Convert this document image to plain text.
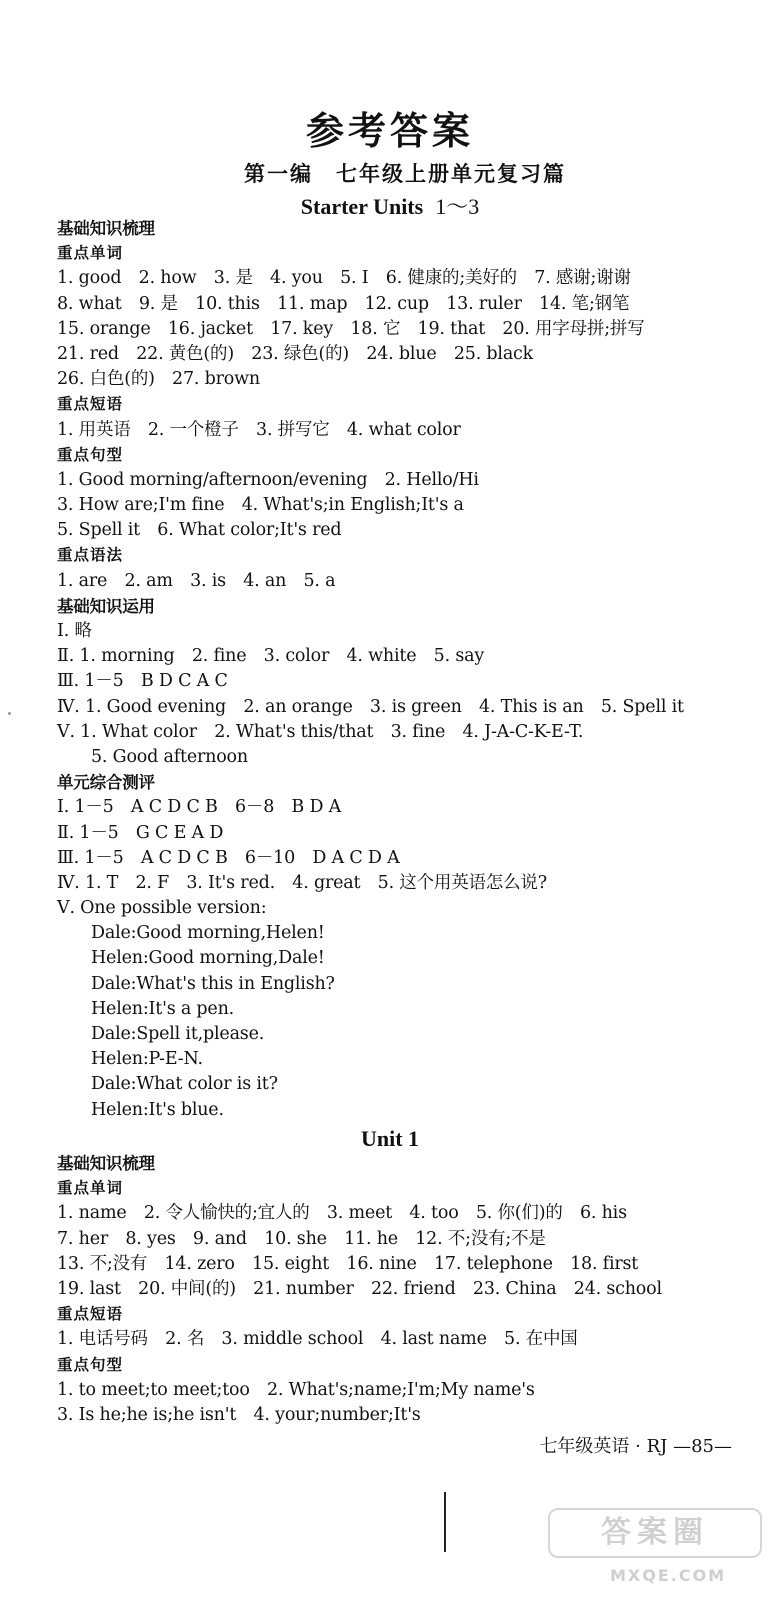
参考答案
第一编　七年级上册单元复习篇
Starter Units 1～3
基础知识梳理
重点单词
1. good　2. how　3. 是　4. you　5. I　6. 健康的;美好的　7. 感谢;谢谢
8. what　9. 是　10. this　11. map　12. cup　13. ruler　14. 笔;钢笔
15. orange　16. jacket　17. key　18. 它　19. that　20. 用字母拼;拼写
21. red　22. 黄色(的)　23. 绿色(的)　24. blue　25. black
26. 白色(的)　27. brown
重点短语
1. 用英语　2. 一个橙子　3. 拼写它　4. what color
重点句型
1. Good morning/afternoon/evening　2. Hello/Hi
3. How are;I'm fine　4. What's;in English;It's a
5. Spell it　6. What color;It's red
重点语法
1. are　2. am　3. is　4. an　5. a
基础知识运用
Ⅰ. 略
Ⅱ. 1. morning　2. fine　3. color　4. white　5. say
Ⅲ. 1－5　B D C A C
Ⅳ. 1. Good evening　2. an orange　3. is green　4. This is an　5. Spell it
Ⅴ. 1. What color　2. What's this/that　3. fine　4. J-A-C-K-E-T.
5. Good afternoon
单元综合测评
Ⅰ. 1－5　A C D C B　6－8　B D A
Ⅱ. 1－5　G C E A D
Ⅲ. 1－5　A C D C B　6－10　D A C D A
Ⅳ. 1. T　2. F　3. It's red.　4. great　5. 这个用英语怎么说?
Ⅴ. One possible version:
Dale:Good morning,Helen!
Helen:Good morning,Dale!
Dale:What's this in English?
Helen:It's a pen.
Dale:Spell it,please.
Helen:P-E-N.
Dale:What color is it?
Helen:It's blue.
Unit 1
基础知识梳理
重点单词
1. name　2. 令人愉快的;宜人的　3. meet　4. too　5. 你(们)的　6. his
7. her　8. yes　9. and　10. she　11. he　12. 不;没有;不是
13. 不;没有　14. zero　15. eight　16. nine　17. telephone　18. first
19. last　20. 中间(的)　21. number　22. friend　23. China　24. school
重点短语
1. 电话号码　2. 名　3. middle school　4. last name　5. 在中国
重点句型
1. to meet;to meet;too　2. What's;name;I'm;My name's
3. Is he;he is;he isn't　4. your;number;It's
七年级英语 · RJ —85—
答案圈
MXQE.COM
